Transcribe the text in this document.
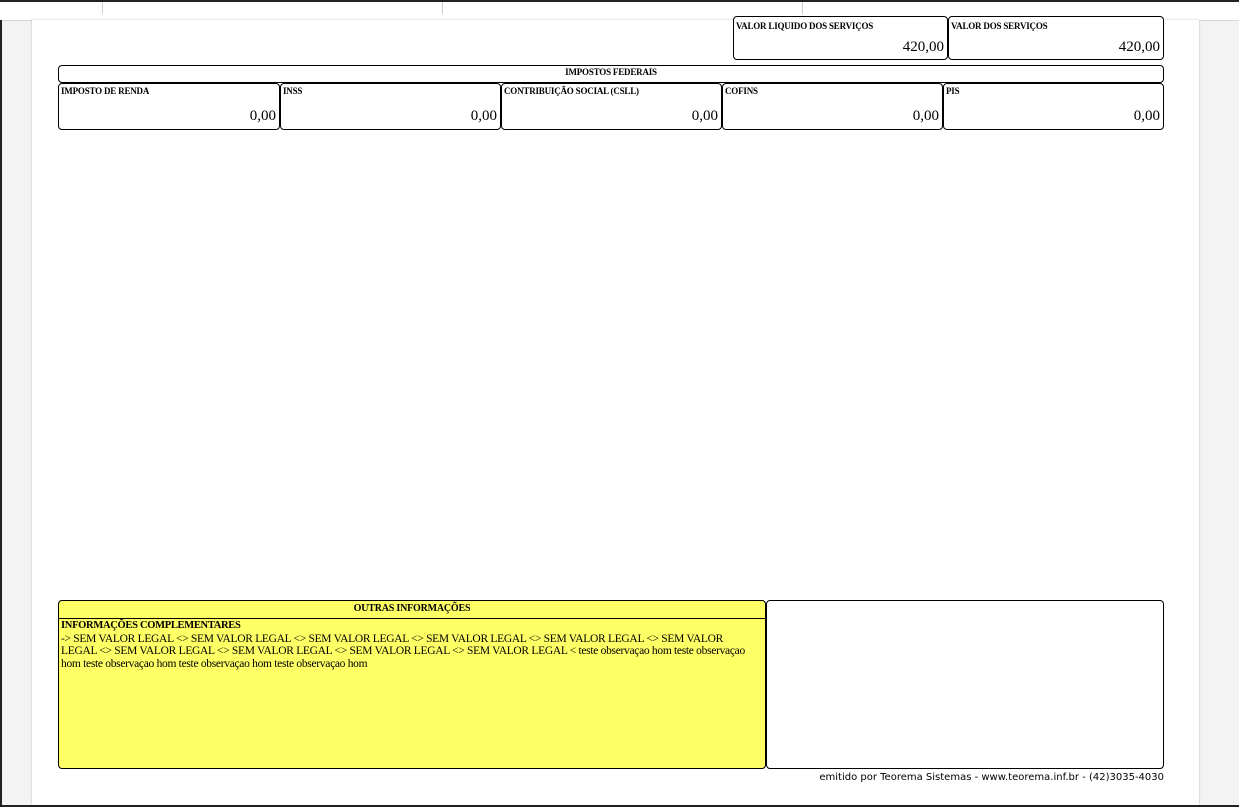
VALOR LIQUIDO DOS SERVIÇOS
420,00
VALOR DOS SERVIÇOS
420,00
IMPOSTOS FEDERAIS
IMPOSTO DE RENDA
0,00
INSS
0,00
CONTRIBUIÇÃO SOCIAL (CSLL)
0,00
COFINS
0,00
PIS
0,00
OUTRAS INFORMAÇÕES
INFORMAÇÕES COMPLEMENTARES
-> SEM VALOR LEGAL <> SEM VALOR LEGAL <> SEM VALOR LEGAL <> SEM VALOR LEGAL <> SEM VALOR LEGAL <> SEM VALOR LEGAL <> SEM VALOR LEGAL <> SEM VALOR LEGAL <> SEM VALOR LEGAL <> SEM VALOR LEGAL < teste observaçao hom teste observaçao hom teste observaçao hom teste observaçao hom teste observaçao hom
emitido por Teorema Sistemas - www.teorema.inf.br - (42)3035-4030
